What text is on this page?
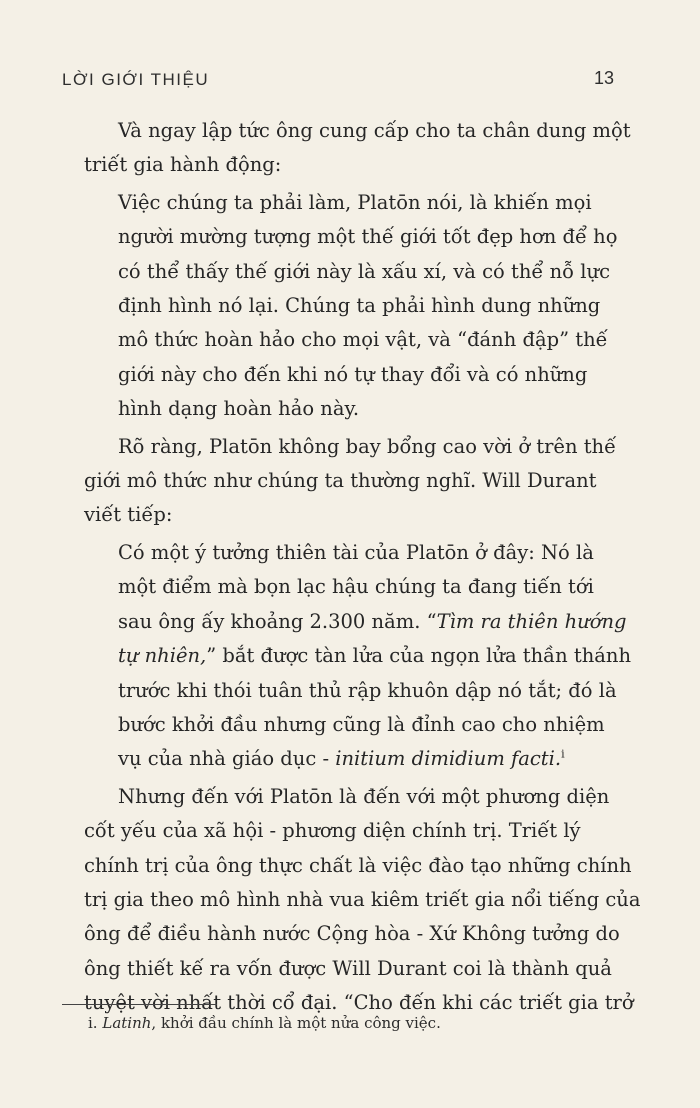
LỜI GIỚI THIỆU	13
Và ngay lập tức ông cung cấp cho ta chân dung một
triết gia hành động:
Việc chúng ta phải làm, Platōn nói, là khiến mọi
người mường tượng một thế giới tốt đẹp hơn để họ
có thể thấy thế giới này là xấu xí, và có thể nỗ lực
định hình nó lại. Chúng ta phải hình dung những
mô thức hoàn hảo cho mọi vật, và “đánh đập” thế
giới này cho đến khi nó tự thay đổi và có những
hình dạng hoàn hảo này.
Rõ ràng, Platōn không bay bổng cao vời ở trên thế
giới mô thức như chúng ta thường nghĩ. Will Durant
viết tiếp:
Có một ý tưởng thiên tài của Platōn ở đây: Nó là
một điểm mà bọn lạc hậu chúng ta đang tiến tới
sau ông ấy khoảng 2.300 năm. “Tìm ra thiên hướng
tự nhiên,” bắt được tàn lửa của ngọn lửa thần thánh
trước khi thói tuân thủ rập khuôn dập nó tắt; đó là
bước khởi đầu nhưng cũng là đỉnh cao cho nhiệm
vụ của nhà giáo dục - initium dimidium facti.$^i$
Nhưng đến với Platōn là đến với một phương diện
cốt yếu của xã hội - phương diện chính trị. Triết lý
chính trị của ông thực chất là việc đào tạo những chính
trị gia theo mô hình nhà vua kiêm triết gia nổi tiếng của
ông để điều hành nước Cộng hòa - Xứ Không tưởng do
ông thiết kế ra vốn được Will Durant coi là thành quả
tuyệt vời nhất thời cổ đại. “Cho đến khi các triết gia trở
i. Latinh, khởi đầu chính là một nửa công việc.
